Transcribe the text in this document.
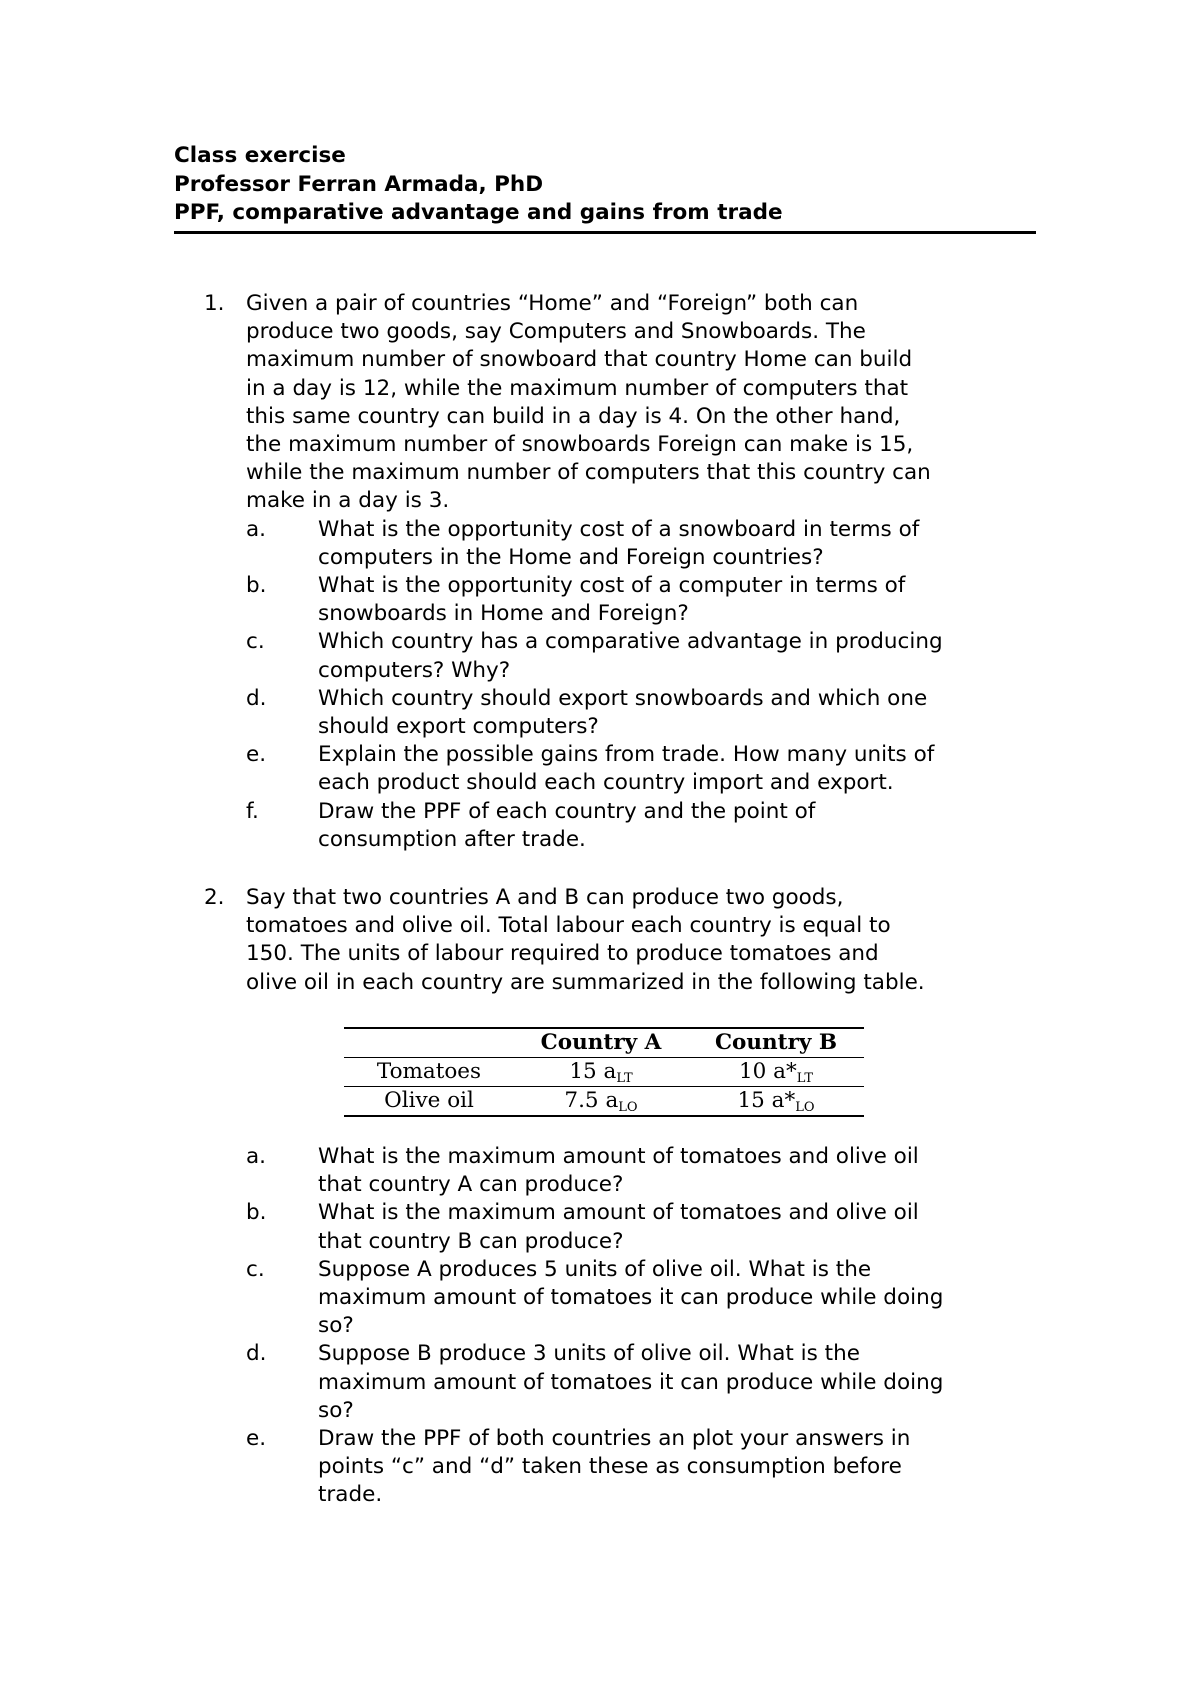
Class exercise
Professor Ferran Armada, PhD
PPF, comparative advantage and gains from trade
1. Given a pair of countries “Home” and “Foreign” both can
produce two goods, say Computers and Snowboards. The
maximum number of snowboard that country Home can build
in a day is 12, while the maximum number of computers that
this same country can build in a day is 4. On the other hand,
the maximum number of snowboards Foreign can make is 15,
while the maximum number of computers that this country can
make in a day is 3.
a. What is the opportunity cost of a snowboard in terms of
computers in the Home and Foreign countries?
b. What is the opportunity cost of a computer in terms of
snowboards in Home and Foreign?
c. Which country has a comparative advantage in producing
computers? Why?
d. Which country should export snowboards and which one
should export computers?
e. Explain the possible gains from trade. How many units of
each product should each country import and export.
f.	Draw the PPF of each country and the point of
consumption after trade.
2. Say that two countries A and B can produce two goods,
tomatoes and olive oil. Total labour each country is equal to
150. The units of labour required to produce tomatoes and
olive oil in each country are summarized in the following table.
	Country A	Country B
Tomatoes	15 $a_{LT}$	10 $a*_{LT}$
Olive oil	7.5 $a_{LO}$	15 $a*_{LO}$
a. What is the maximum amount of tomatoes and olive oil
that country A can produce?
b. What is the maximum amount of tomatoes and olive oil
that country B can produce?
c. Suppose A produces 5 units of olive oil. What is the
maximum amount of tomatoes it can produce while doing
so?
d. Suppose B produce 3 units of olive oil. What is the
maximum amount of tomatoes it can produce while doing
so?
e. Draw the PPF of both countries an plot your answers in
points “c” and “d” taken these as consumption before
trade.
